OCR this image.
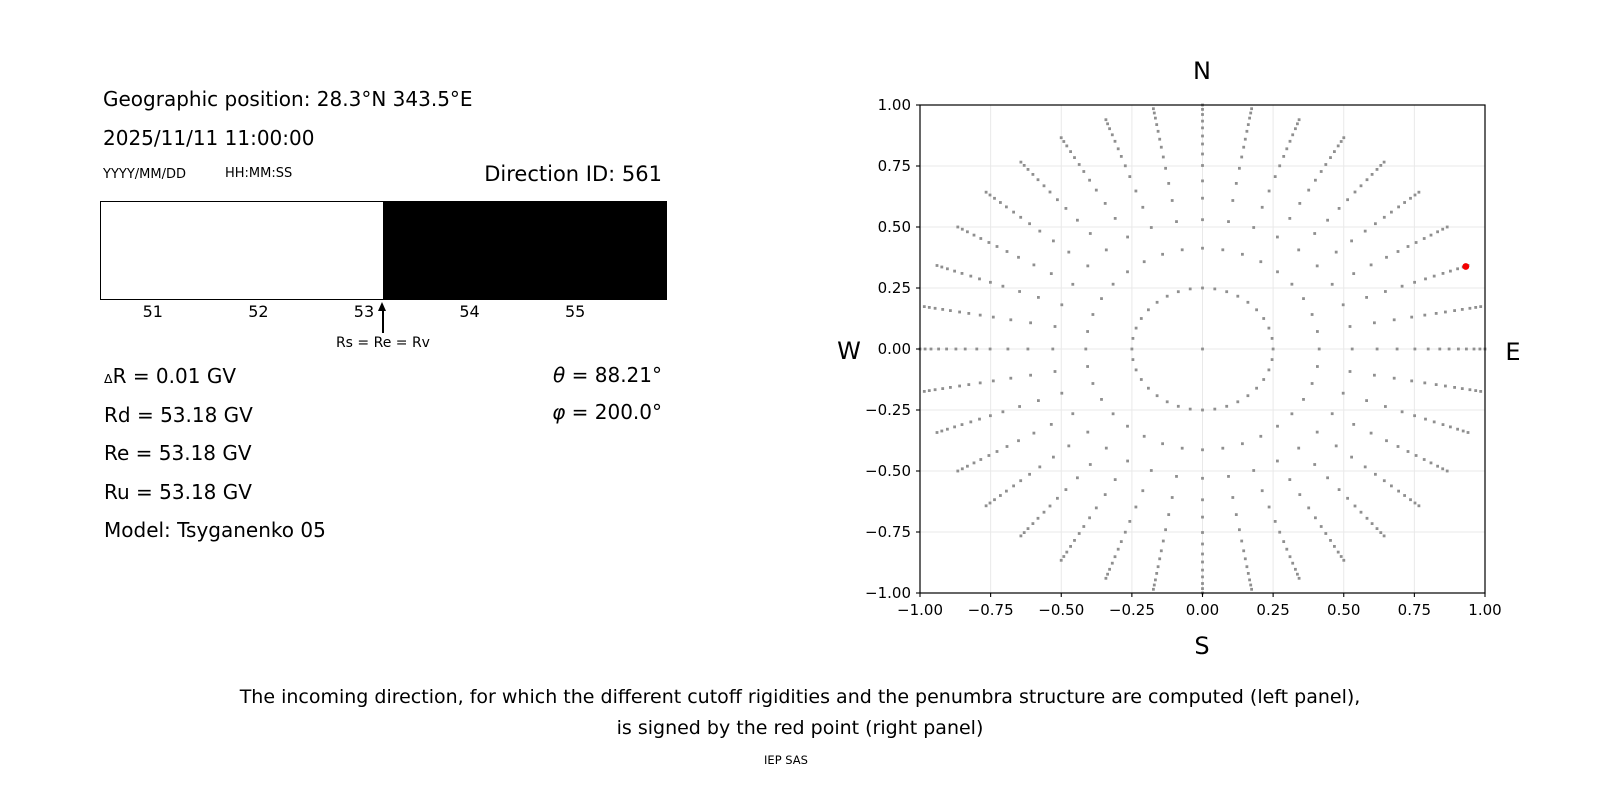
Geographic position: 28.3°N 343.5°E
2025/11/11 11:00:00
YYYY/MM/DD	HH:MM:SS	Direction ID: 561
51	52	53	54	55
Rs = Re = Rv
ΔR = 0.01 GV
Rd = 53.18 GV
Re = 53.18 GV
Ru = 53.18 GV
Model: Tsyganenko 05
θ = 88.21°
φ = 200.0°
−1.00 −0.75 −0.50 −0.25 0.00 0.25 0.50 0.75 1.00
−1.00
−0.75
−0.50
−0.25
0.00
0.25
0.50
0.75
1.00
N
S
W	E
The incoming direction, for which the different cutoff rigidities and the penumbra structure are computed (left panel),
is signed by the red point (right panel)
IEP SAS
